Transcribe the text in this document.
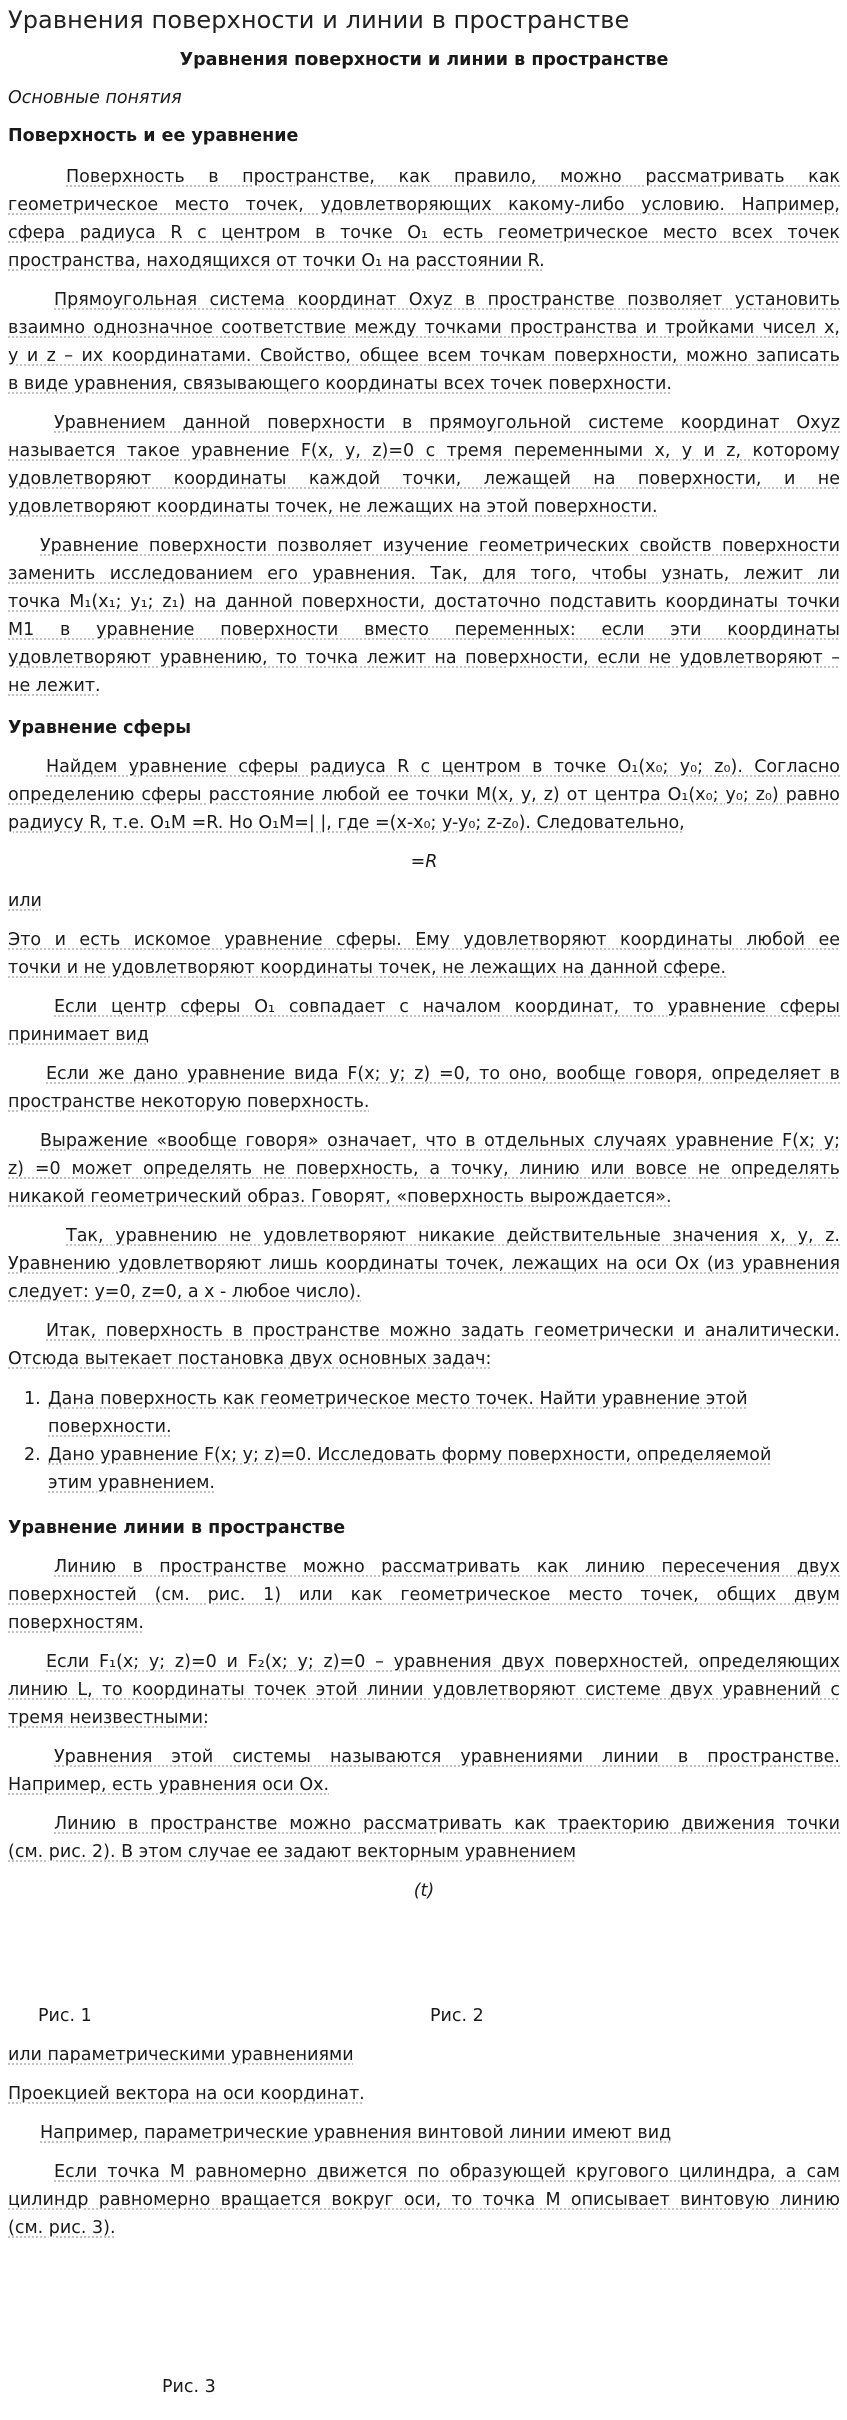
Уравнения поверхности и линии в пространстве
Уравнения поверхности и линии в пространстве
Основные понятия
Поверхность и ее уравнение
Поверхность в пространстве, как правило, можно рассматривать как
геометрическое место точек, удовлетворяющих какому-либо условию. Например,
сфера радиуса R с центром в точке O₁ есть геометрическое место всех точек
пространства, находящихся от точки O₁ на расстоянии R.
Прямоугольная система координат Oxyz в пространстве позволяет установить
взаимно однозначное соответствие между точками пространства и тройками чисел x,
y и z – их координатами. Свойство, общее всем точкам поверхности, можно записать
в виде уравнения, связывающего координаты всех точек поверхности.
Уравнением данной поверхности в прямоугольной системе координат Oxyz
называется такое уравнение F(x, y, z)=0 с тремя переменными x, y и z, которому
удовлетворяют координаты каждой точки, лежащей на поверхности, и не
удовлетворяют координаты точек, не лежащих на этой поверхности.
Уравнение поверхности позволяет изучение геометрических свойств поверхности
заменить исследованием его уравнения. Так, для того, чтобы узнать, лежит ли
точка M₁(x₁; y₁; z₁) на данной поверхности, достаточно подставить координаты точки
M1 в уравнение поверхности вместо переменных: если эти координаты
удовлетворяют уравнению, то точка лежит на поверхности, если не удовлетворяют –
не лежит.
Уравнение сферы
Найдем уравнение сферы радиуса R с центром в точке O₁(x₀; y₀; z₀). Согласно
определению сферы расстояние любой ее точки M(x, y, z) от центра O₁(x₀; y₀; z₀) равно
радиусу R, т.е. O₁M =R. Но O₁M=| |, где =(x-x₀; y-y₀; z-z₀). Следовательно,
=R
или
Это и есть искомое уравнение сферы. Ему удовлетворяют координаты любой ее
точки и не удовлетворяют координаты точек, не лежащих на данной сфере.
Если центр сферы O₁ совпадает с началом координат, то уравнение сферы
принимает вид
Если же дано уравнение вида F(x; y; z) =0, то оно, вообще говоря, определяет в
пространстве некоторую поверхность.
Выражение «вообще говоря» означает, что в отдельных случаях уравнение F(x; y;
z) =0 может определять не поверхность, а точку, линию или вовсе не определять
никакой геометрический образ. Говорят, «поверхность вырождается».
Так, уравнению не удовлетворяют никакие действительные значения x, y, z.
Уравнению удовлетворяют лишь координаты точек, лежащих на оси Ox (из уравнения
следует: y=0, z=0, а x - любое число).
Итак, поверхность в пространстве можно задать геометрически и аналитически.
Отсюда вытекает постановка двух основных задач:
1. Дана поверхность как геометрическое место точек. Найти уравнение этой
поверхности.
2. Дано уравнение F(x; y; z)=0. Исследовать форму поверхности, определяемой
этим уравнением.
Уравнение линии в пространстве
Линию в пространстве можно рассматривать как линию пересечения двух
поверхностей (см. рис. 1) или как геометрическое место точек, общих двум
поверхностям.
Если F₁(x; y; z)=0 и F₂(x; y; z)=0 – уравнения двух поверхностей, определяющих
линию L, то координаты точек этой линии удовлетворяют системе двух уравнений с
тремя неизвестными:
Уравнения этой системы называются уравнениями линии в пространстве.
Например, есть уравнения оси Ox.
Линию в пространстве можно рассматривать как траекторию движения точки
(см. рис. 2). В этом случае ее задают векторным уравнением
(t)
Рис. 1	Рис. 2
или параметрическими уравнениями
Проекцией вектора на оси координат.
Например, параметрические уравнения винтовой линии имеют вид
Если точка M равномерно движется по образующей кругового цилиндра, а сам
цилиндр равномерно вращается вокруг оси, то точка M описывает винтовую линию
(см. рис. 3).
Рис. 3
